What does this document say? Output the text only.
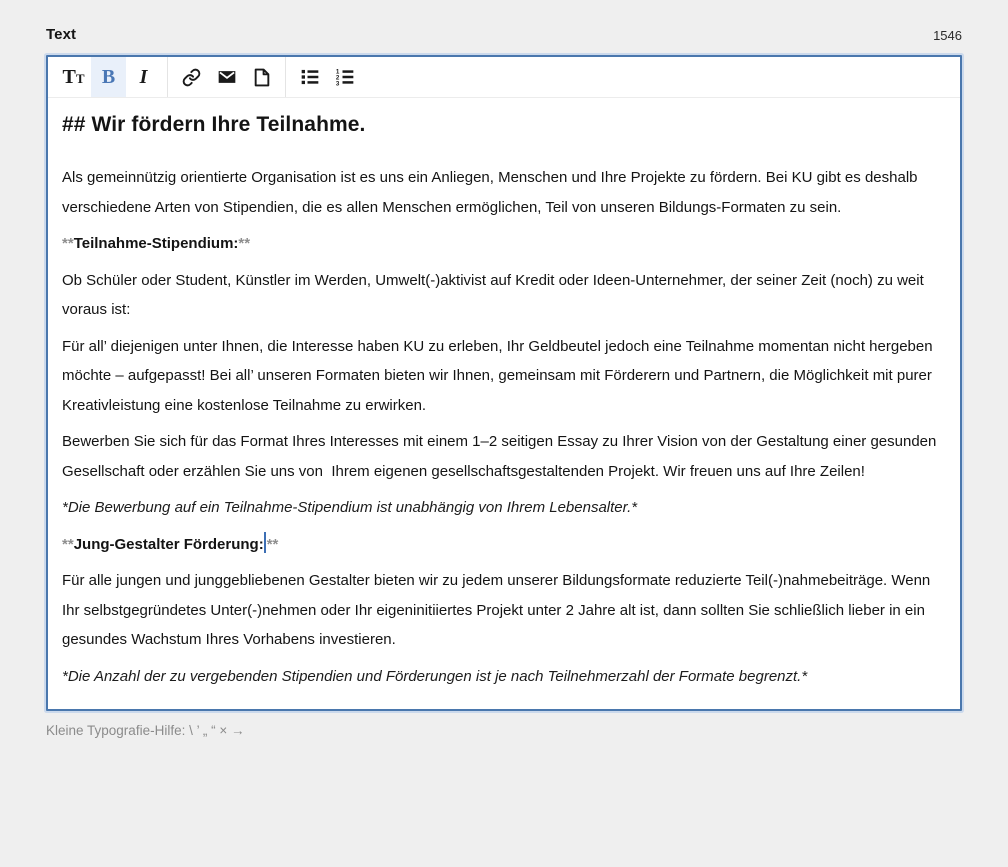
Text	1546
TT B I	1
2
3
## Wir fördern Ihre Teilnahme.
Als gemeinnützig orientierte Organisation ist es uns ein Anliegen, Menschen und Ihre Projekte zu fördern. Bei KU gibt es deshalb verschiedene Arten von Stipendien, die es allen Menschen ermöglichen, Teil von unseren Bildungs-Formaten zu sein.
**Teilnahme-Stipendium:**
Ob Schüler oder Student, Künstler im Werden, Umwelt(-)aktivist auf Kredit oder Ideen-Unternehmer, der seiner Zeit (noch) zu weit voraus ist:
Für all’ diejenigen unter Ihnen, die Interesse haben KU zu erleben, Ihr Geldbeutel jedoch eine Teilnahme momentan nicht hergeben möchte – aufgepasst! Bei all’ unseren Formaten bieten wir Ihnen, gemeinsam mit Förderern und Partnern, die Möglichkeit mit purer Kreativleistung eine kostenlose Teilnahme zu erwirken.
Bewerben Sie sich für das Format Ihres Interesses mit einem 1–2 seitigen Essay zu Ihrer Vision von der Gestaltung einer gesunden Gesellschaft oder erzählen Sie uns von  Ihrem eigenen gesellschaftsgestaltenden Projekt. Wir freuen uns auf Ihre Zeilen!
*Die Bewerbung auf ein Teilnahme-Stipendium ist unabhängig von Ihrem Lebensalter.*
**Jung-Gestalter Förderung: **
Für alle jungen und junggebliebenen Gestalter bieten wir zu jedem unserer Bildungsformate reduzierte Teil(-)nahmebeiträge. Wenn Ihr selbstgegründetes Unter(-)nehmen oder Ihr eigeninitiiertes Projekt unter 2 Jahre alt ist, dann sollten Sie schließlich lieber in ein gesundes Wachstum Ihres Vorhabens investieren.
*Die Anzahl der zu vergebenden Stipendien und Förderungen ist je nach Teilnehmerzahl der Formate begrenzt.*
Kleine Typografie-Hilfe: \ ’ „ “ × →
